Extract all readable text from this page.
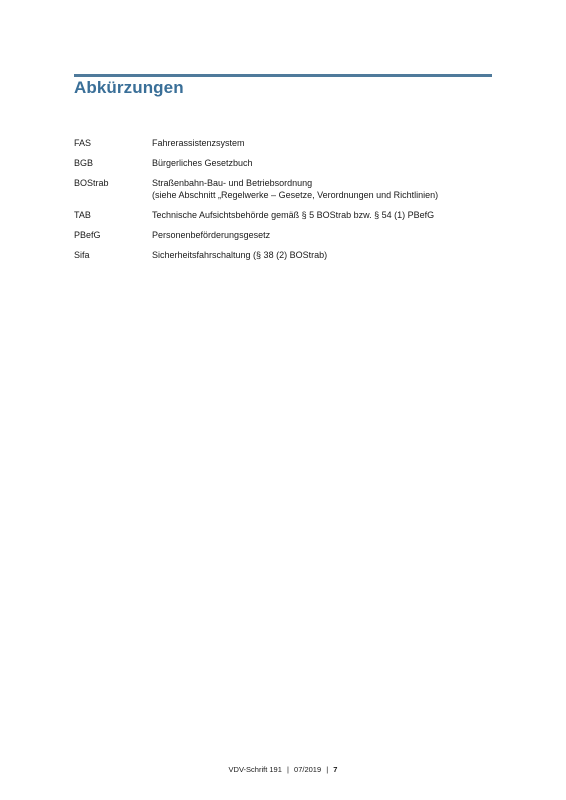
Abkürzungen
FAS	Fahrerassistenzsystem
BGB	Bürgerliches Gesetzbuch
BOStrab	Straßenbahn-Bau- und Betriebsordnung
(siehe Abschnitt „Regelwerke – Gesetze, Verordnungen und Richtlinien)
TAB	Technische Aufsichtsbehörde gemäß § 5 BOStrab bzw. § 54 (1) PBefG
PBefG	Personenbeförderungsgesetz
Sifa	Sicherheitsfahrschaltung (§ 38 (2) BOStrab)
VDV-Schrift 191 | 07/2019 | 7
